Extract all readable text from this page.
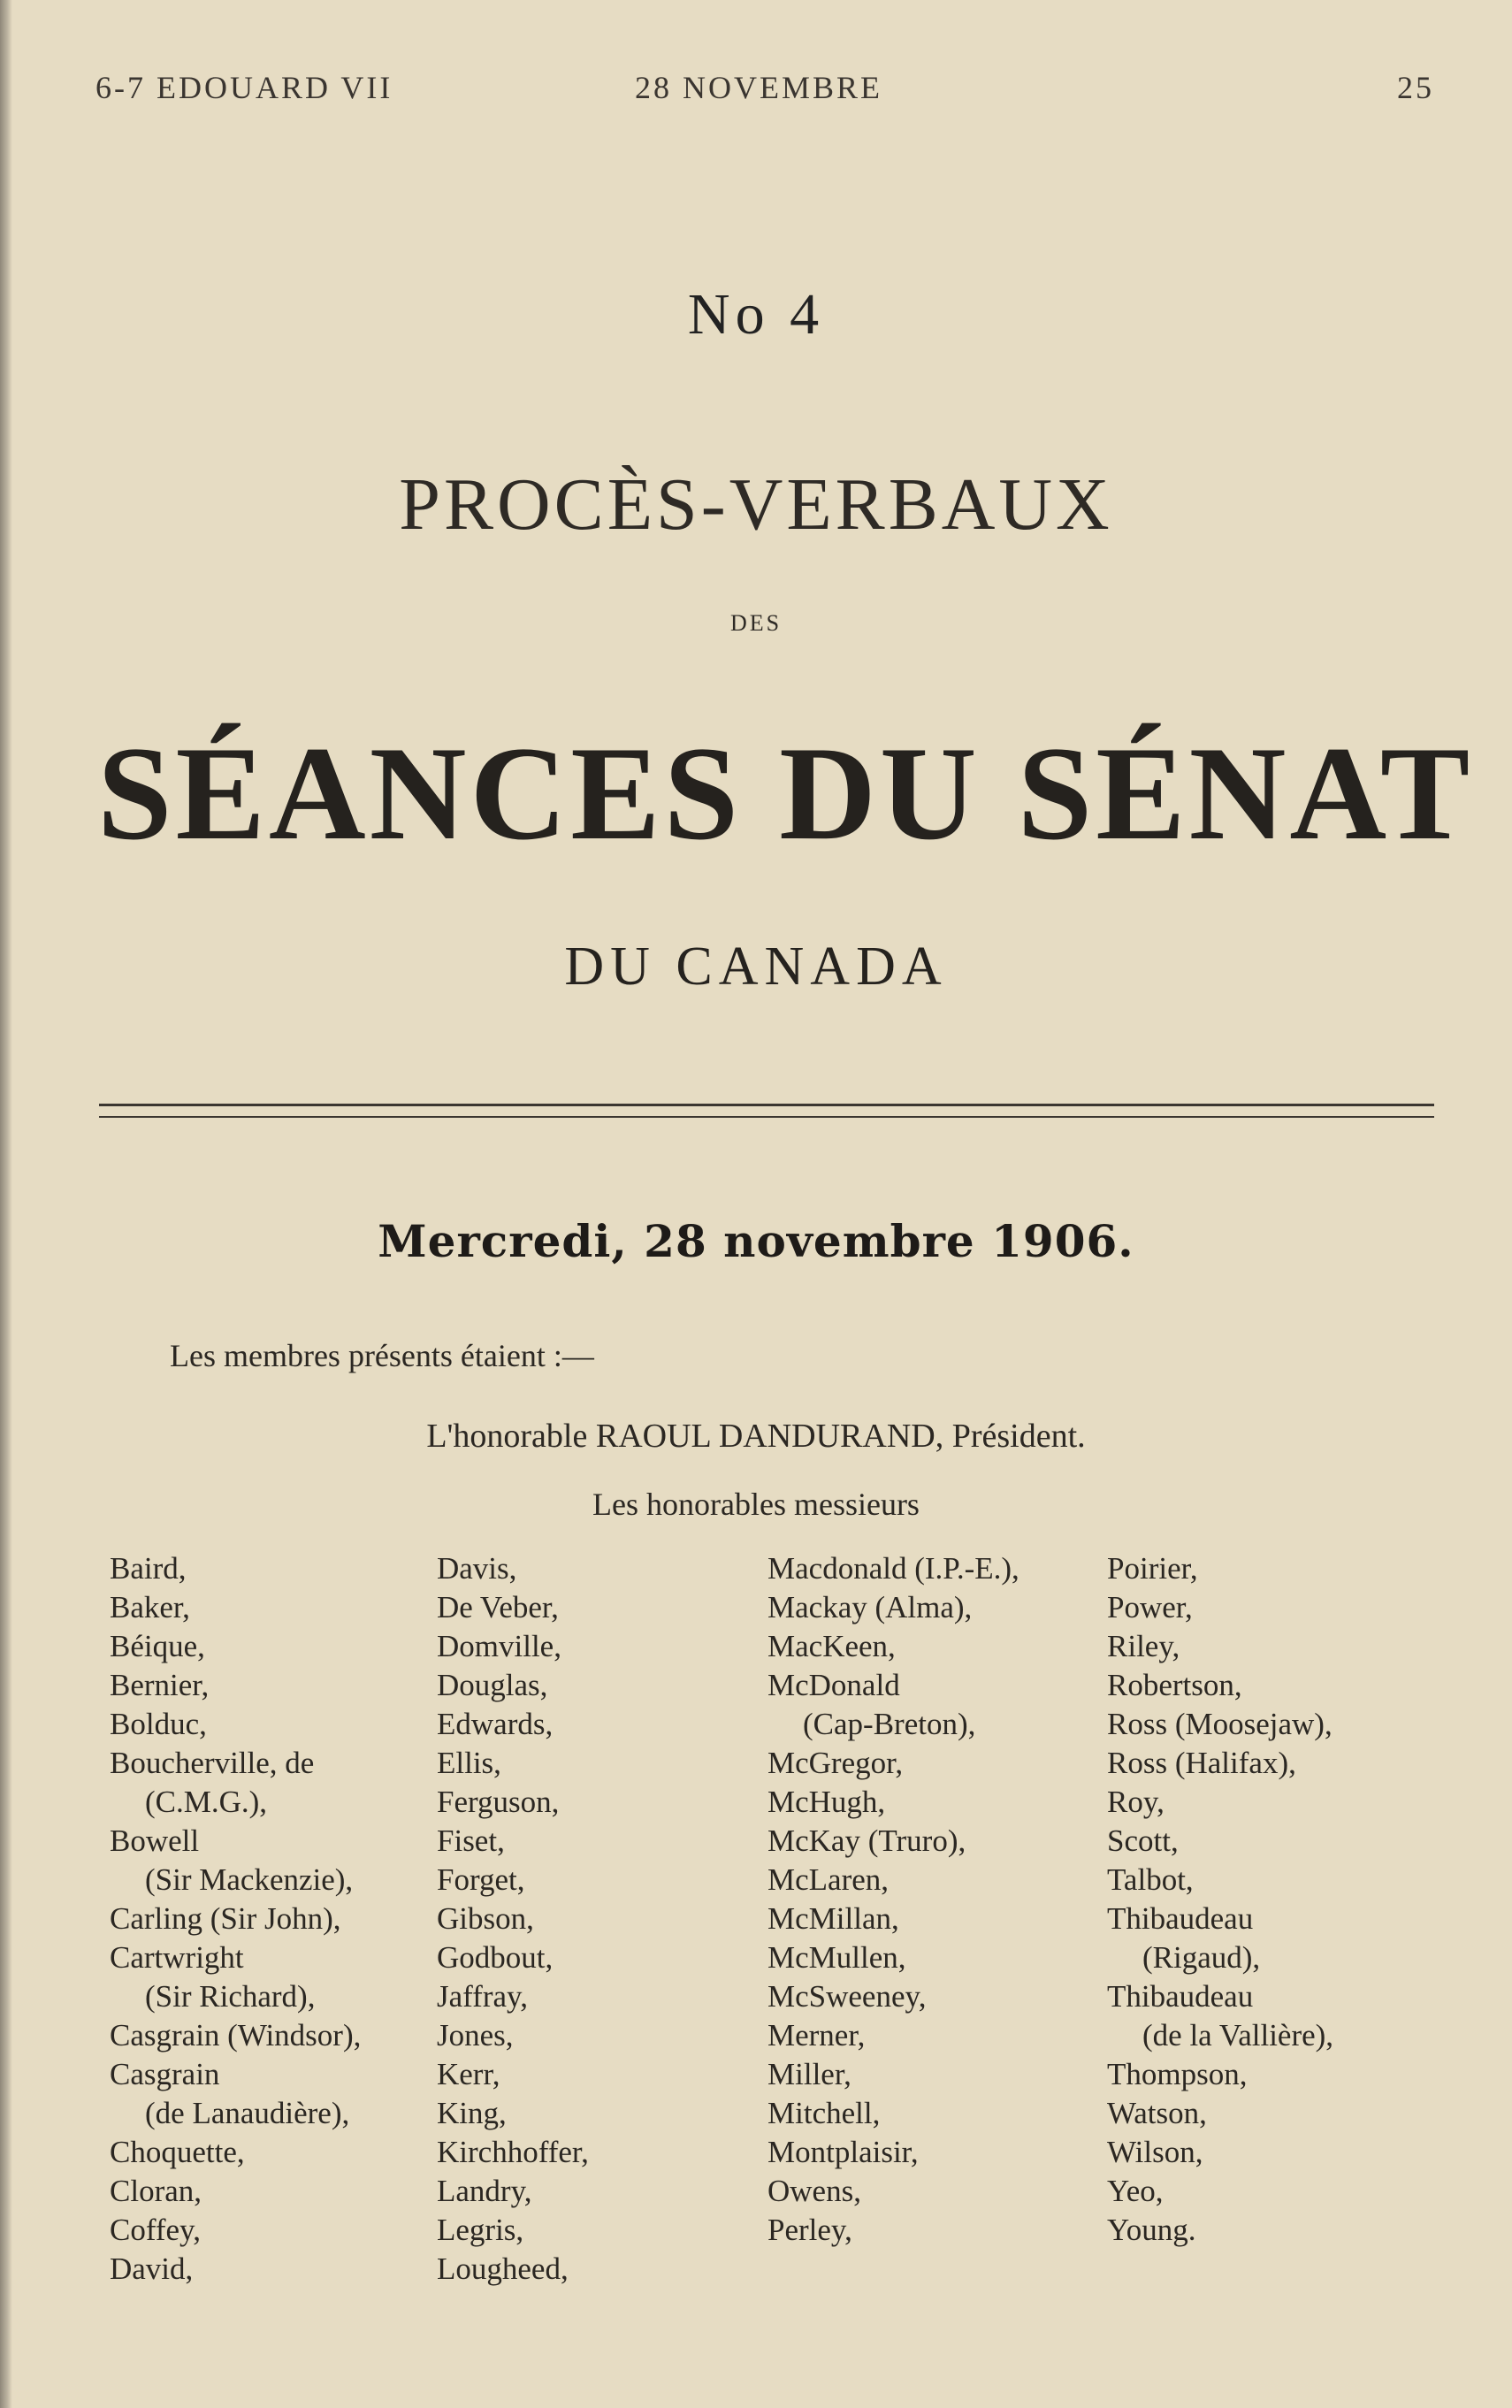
6-7 EDOUARD VII	28 NOVEMBRE	25
No 4
PROCÈS-VERBAUX
DES
SÉANCES DU SÉNAT
DU CANADA
Mercredi, 28 novembre 1906.
Les membres présents étaient :—
L'honorable RAOUL DANDURAND, Président.
Les honorables messieurs
Baird,
Baker,
Béique,
Bernier,
Bolduc,
Boucherville, de
(C.M.G.),
Bowell
(Sir Mackenzie),
Carling (Sir John),
Cartwright
(Sir Richard),
Casgrain (Windsor),
Casgrain
(de Lanaudière),
Choquette,
Cloran,
Coffey,
David,
Davis,
De Veber,
Domville,
Douglas,
Edwards,
Ellis,
Ferguson,
Fiset,
Forget,
Gibson,
Godbout,
Jaffray,
Jones,
Kerr,
King,
Kirchhoffer,
Landry,
Legris,
Lougheed,
Macdonald (I.P.-E.),
Mackay (Alma),
MacKeen,
McDonald
(Cap-Breton),
McGregor,
McHugh,
McKay (Truro),
McLaren,
McMillan,
McMullen,
McSweeney,
Merner,
Miller,
Mitchell,
Montplaisir,
Owens,
Perley,
Poirier,
Power,
Riley,
Robertson,
Ross (Moosejaw),
Ross (Halifax),
Roy,
Scott,
Talbot,
Thibaudeau
(Rigaud),
Thibaudeau
(de la Vallière),
Thompson,
Watson,
Wilson,
Yeo,
Young.
